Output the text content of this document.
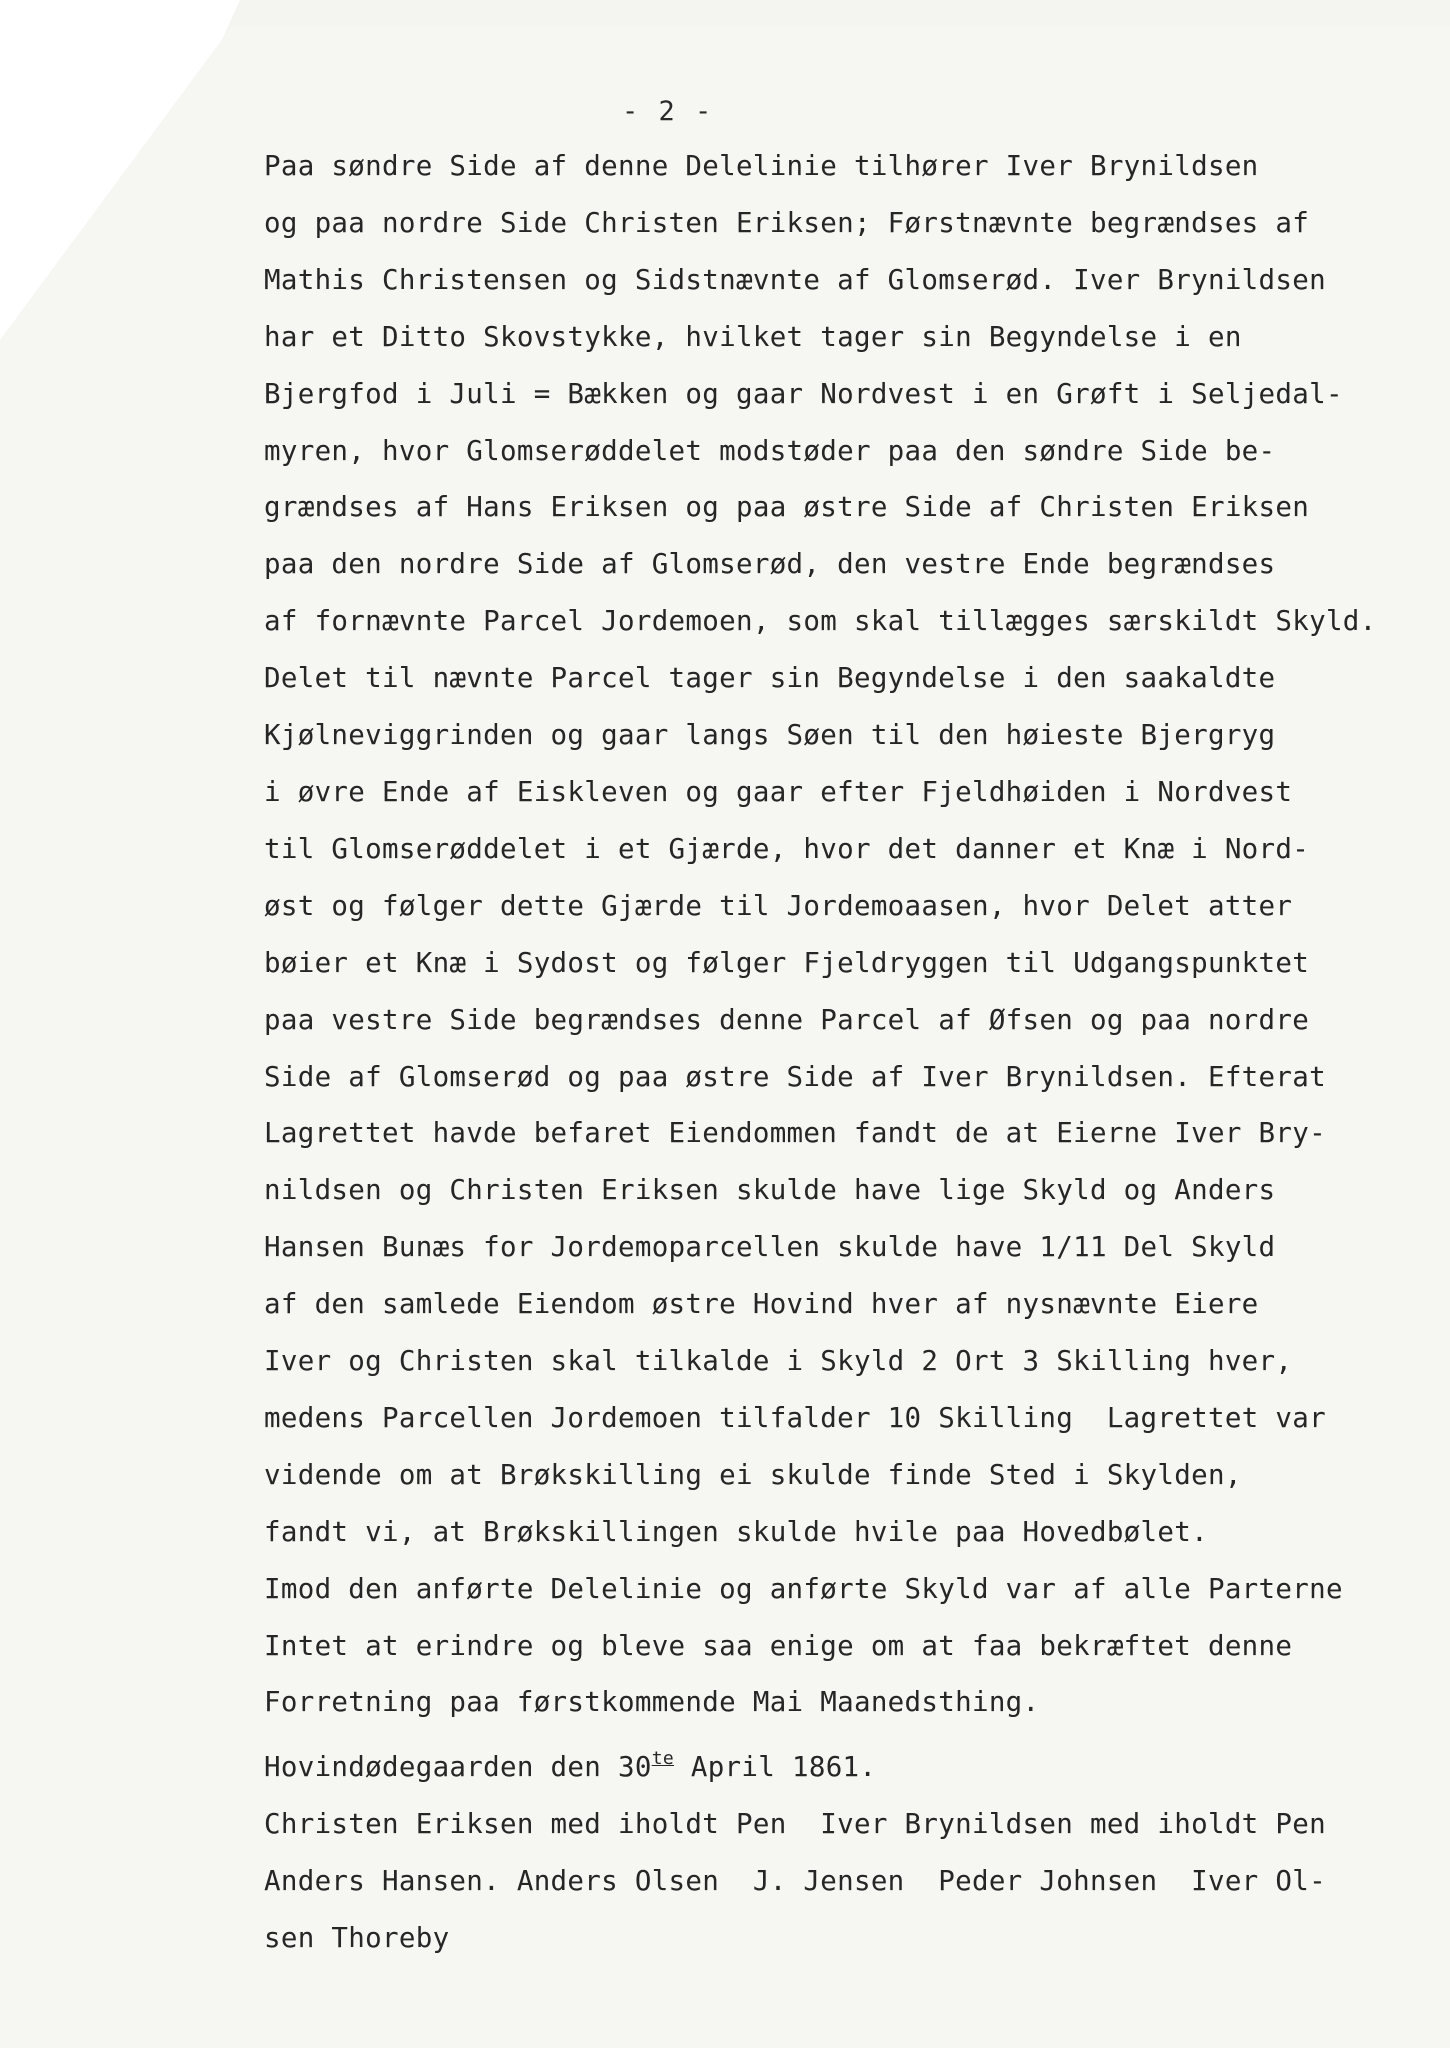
- 2 -
Paa søndre Side af denne Delelinie tilhører Iver Brynildsen
og paa nordre Side Christen Eriksen; Førstnævnte begrændses af
Mathis Christensen og Sidstnævnte af Glomserød. Iver Brynildsen
har et Ditto Skovstykke, hvilket tager sin Begyndelse i en
Bjergfod i Juli = Bækken og gaar Nordvest i en Grøft i Seljedal-
myren, hvor Glomserøddelet modstøder paa den søndre Side be-
grændses af Hans Eriksen og paa østre Side af Christen Eriksen
paa den nordre Side af Glomserød, den vestre Ende begrændses
af fornævnte Parcel Jordemoen, som skal tillægges særskildt Skyld.
Delet til nævnte Parcel tager sin Begyndelse i den saakaldte
Kjølneviggrinden og gaar langs Søen til den høieste Bjergryg
i øvre Ende af Eiskleven og gaar efter Fjeldhøiden i Nordvest
til Glomserøddelet i et Gjærde, hvor det danner et Knæ i Nord-
øst og følger dette Gjærde til Jordemoaasen, hvor Delet atter
bøier et Knæ i Sydost og følger Fjeldryggen til Udgangspunktet
paa vestre Side begrændses denne Parcel af Øfsen og paa nordre
Side af Glomserød og paa østre Side af Iver Brynildsen. Efterat
Lagrettet havde befaret Eiendommen fandt de at Eierne Iver Bry-
nildsen og Christen Eriksen skulde have lige Skyld og Anders
Hansen Bunæs for Jordemoparcellen skulde have 1/11 Del Skyld
af den samlede Eiendom østre Hovind hver af nysnævnte Eiere
Iver og Christen skal tilkalde i Skyld 2 Ort 3 Skilling hver,
medens Parcellen Jordemoen tilfalder 10 Skilling  Lagrettet var
vidende om at Brøkskilling ei skulde finde Sted i Skylden,
fandt vi, at Brøkskillingen skulde hvile paa Hovedbølet.
Imod den anførte Delelinie og anførte Skyld var af alle Parterne
Intet at erindre og bleve saa enige om at faa bekræftet denne
Forretning paa førstkommende Mai Maanedsthing.
Hovindødegaarden den $30^{te}$ April 1861.
Christen Eriksen med iholdt Pen  Iver Brynildsen med iholdt Pen
Anders Hansen. Anders Olsen  J. Jensen  Peder Johnsen  Iver Ol-
sen Thoreby
